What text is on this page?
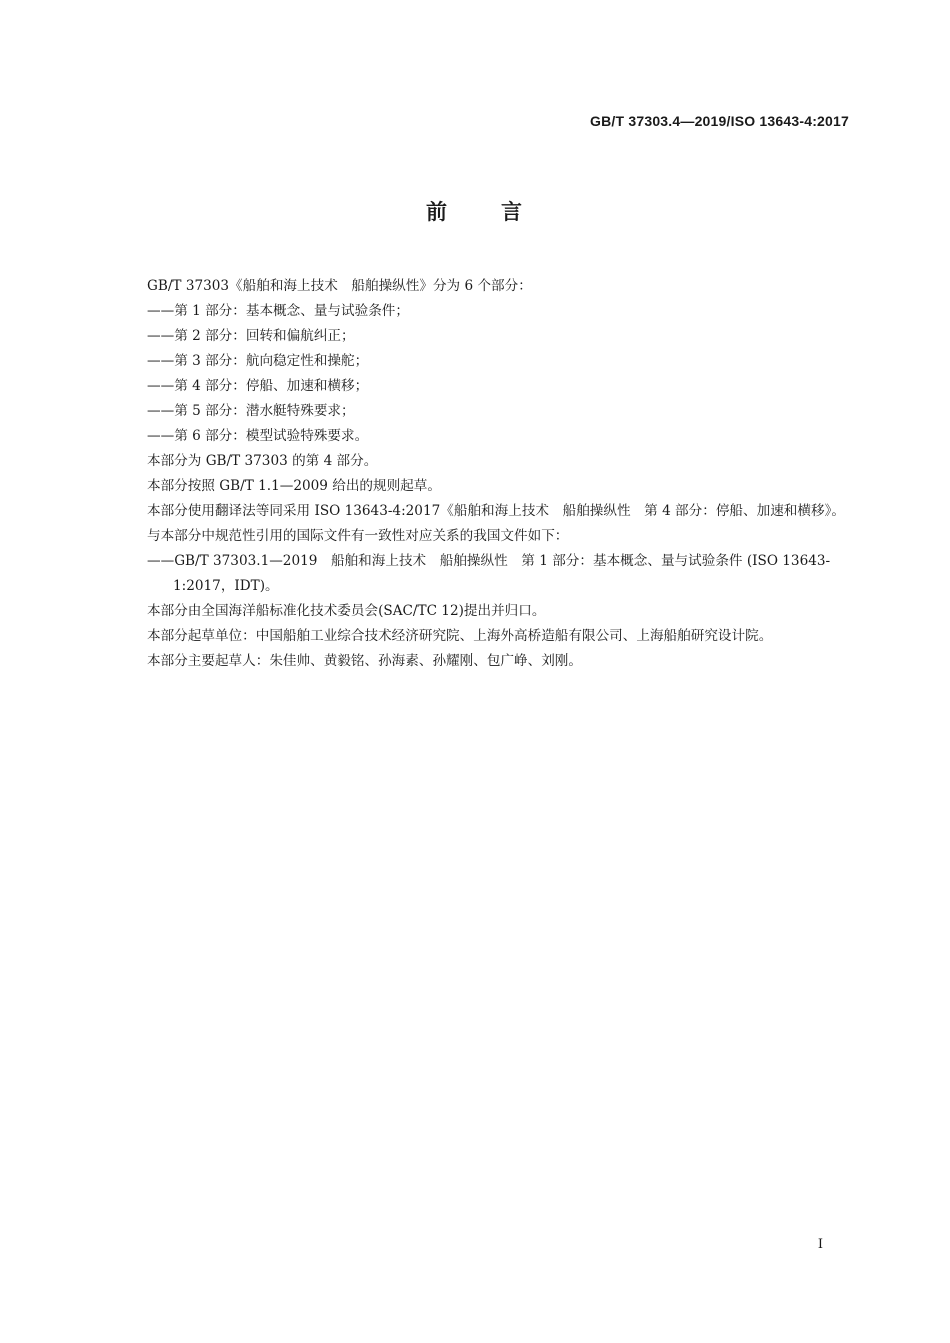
GB/T 37303.4—2019/ISO 13643-4:2017
前 言

GB/T 37303《船舶和海上技术　船舶操纵性》分为 6 个部分：

——第 1 部分：基本概念、量与试验条件；

——第 2 部分：回转和偏航纠正；

——第 3 部分：航向稳定性和操舵；

——第 4 部分：停船、加速和横移；

——第 5 部分：潜水艇特殊要求；

——第 6 部分：模型试验特殊要求。

本部分为 GB/T 37303 的第 4 部分。

本部分按照 GB/T 1.1—2009 给出的规则起草。

本部分使用翻译法等同采用 ISO 13643-4:2017《船舶和海上技术　船舶操纵性　第 4 部分：停船、加速和横移》。

与本部分中规范性引用的国际文件有一致性对应关系的我国文件如下：

——GB/T 37303.1—2019　船舶和海上技术　船舶操纵性　第 1 部分：基本概念、量与试验条件 (ISO 13643-1:2017，IDT)。

本部分由全国海洋船标准化技术委员会(SAC/TC 12)提出并归口。

本部分起草单位：中国船舶工业综合技术经济研究院、上海外高桥造船有限公司、上海船舶研究设计院。

本部分主要起草人：朱佳帅、黄毅铭、孙海素、孙耀刚、包广峥、刘刚。

I
